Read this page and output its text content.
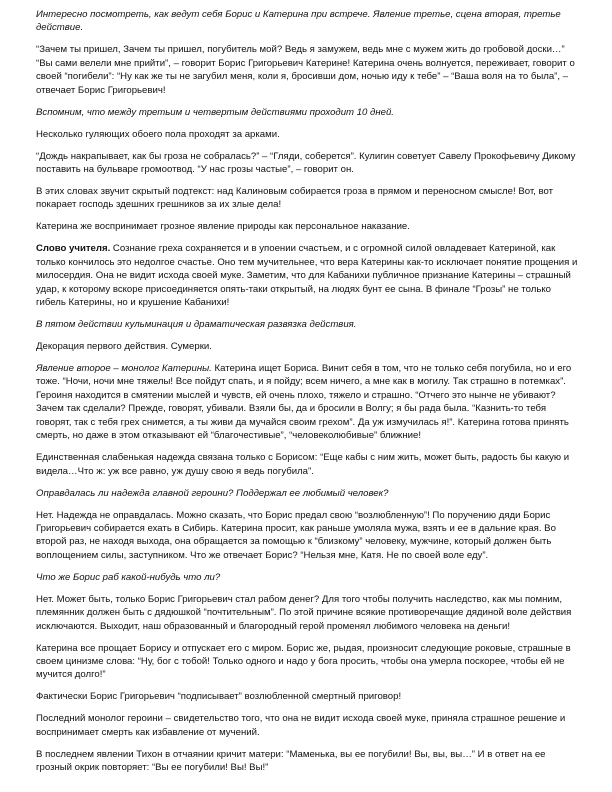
Интересно посмотреть, как ведут себя Борис и Катерина при встрече. Явление третье, сцена вторая, третье действие.

“Зачем ты пришел, Зачем ты пришел, погубитель мой? Ведь я замужем, ведь мне с мужем жить до гробовой доски…” “Вы сами велели мне прийти”, – говорит Борис Григорьевич Катерине! Катерина очень волнуется, переживает, говорит о своей “погибели”: “Ну как же ты не загубил меня, коли я, бросивши дом, ночью иду к тебе” – “Ваша воля на то была”, – отвечает Борис Григорьевич!

Вспомним, что между третьим и четвертым действиями проходит 10 дней.

Несколько гуляющих обоего пола проходят за арками.

“Дождь накрапывает, как бы гроза не собралась?” – “Гляди, соберется”. Кулигин советует Савелу Прокофьевичу Дикому поставить на бульваре громоотвод. “У нас грозы частые”, – говорит он.

В этих словах звучит скрытый подтекст: над Калиновым собирается гроза в прямом и переносном смысле! Вот, вот покарает господь здешних грешников за их злые дела!

Катерина же воспринимает грозное явление природы как персональное наказание.

Слово учителя. Сознание греха сохраняется и в упоении счастьем, и с огромной силой овладевает Катериной, как только кончилось это недолгое счастье. Оно тем мучительнее, что вера Катерины как-то исключает понятие прощения и милосердия. Она не видит исхода своей муке. Заметим, что для Кабанихи публичное признание Катерины – страшный удар, к которому вскоре присоединяется опять-таки открытый, на людях бунт ее сына. В финале “Грозы” не только гибель Катерины, но и крушение Кабанихи!

В пятом действии кульминация и драматическая развязка действия.

Декорация первого действия. Сумерки.

Явление второе – монолог Катерины. Катерина ищет Бориса. Винит себя в том, что не только себя погубила, но и его тоже. “Ночи, ночи мне тяжелы! Все пойдут спать, и я пойду; всем ничего, а мне как в могилу. Так страшно в потемках”. Героиня находится в смятении мыслей и чувств, ей очень плохо, тяжело и страшно. “Отчего это нынче не убивают? Зачем так сделали? Прежде, говорят, убивали. Взяли бы, да и бросили в Волгу; я бы рада была. “Казнить-то тебя говорят, так с тебя грех снимется, а ты живи да мучайся своим грехом”. Да уж измучилась я!”. Катерина готова принять смерть, но даже в этом отказывают ей “благочестивые”, “человеколюбивые” ближние!

Единственная слабенькая надежда связана только с Борисом: “Еще кабы с ним жить, может быть, радость бы какую и видела…Что ж: уж все равно, уж душу свою я ведь погубила”.

Оправдалась ли надежда главной героини? Поддержал ее любимый человек?

Нет. Надежда не оправдалась. Можно сказать, что Борис предал свою “возлюбленную”! По поручению дяди Борис Григорьевич собирается ехать в Сибирь. Катерина просит, как раньше умоляла мужа, взять и ее в дальние края. Во второй раз, не находя выхода, она обращается за помощью к “близкому” человеку, мужчине, который должен быть воплощением силы, заступником. Что же отвечает Борис? “Нельзя мне, Катя. Не по своей воле еду”.

Что же Борис раб какой-нибудь что ли?

Нет. Может быть, только Борис Григорьевич стал рабом денег? Для того чтобы получить наследство, как мы помним, племянник должен быть с дядюшкой “почтительным”. По этой причине всякие противоречащие дядиной воле действия исключаются. Выходит, наш образованный и благородный герой променял любимого человека на деньги!

Катерина все прощает Борису и отпускает его с миром. Борис же, рыдая, произносит следующие роковые, страшные в своем цинизме слова: “Ну, бог с тобой! Только одного и надо у бога просить, чтобы она умерла поскорее, чтобы ей не мучится долго!”

Фактически Борис Григорьевич “подписывает” возлюбленной смертный приговор!

Последний монолог героини – свидетельство того, что она не видит исхода своей муке, приняла страшное решение и воспринимает смерть как избавление от мучений.

В последнем явлении Тихон в отчаянии кричит матери: “Маменька, вы ее погубили! Вы, вы, вы…” И в ответ на ее грозный окрик повторяет: “Вы ее погубили! Вы! Вы!”
